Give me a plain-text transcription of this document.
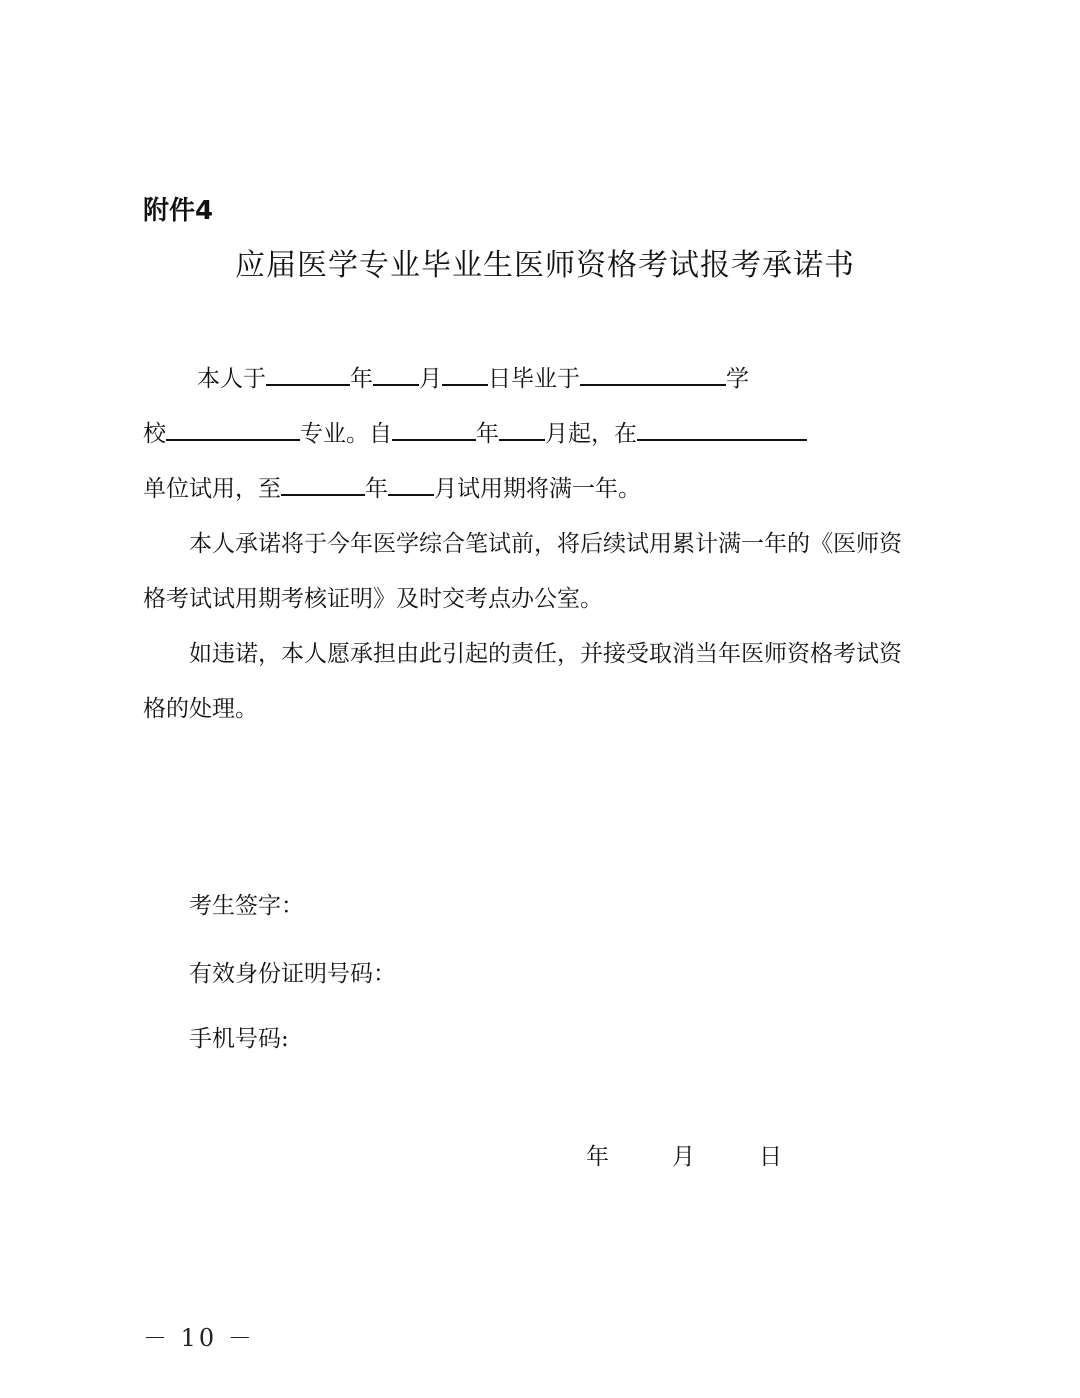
附件4
应届医学专业毕业生医师资格考试报考承诺书
本人于	年 月 日毕业于	学
校	专业。自	年 月起，在
单位试用，至	年 月试用期将满一年。
本人承诺将于今年医学综合笔试前，将后续试用累计满一年的《医师资
格考试试用期考核证明》及时交考点办公室。
如违诺，本人愿承担由此引起的责任，并接受取消当年医师资格考试资
格的处理。
考生签字：
有效身份证明号码：
手机号码:
年	月	日
－ 10 －
